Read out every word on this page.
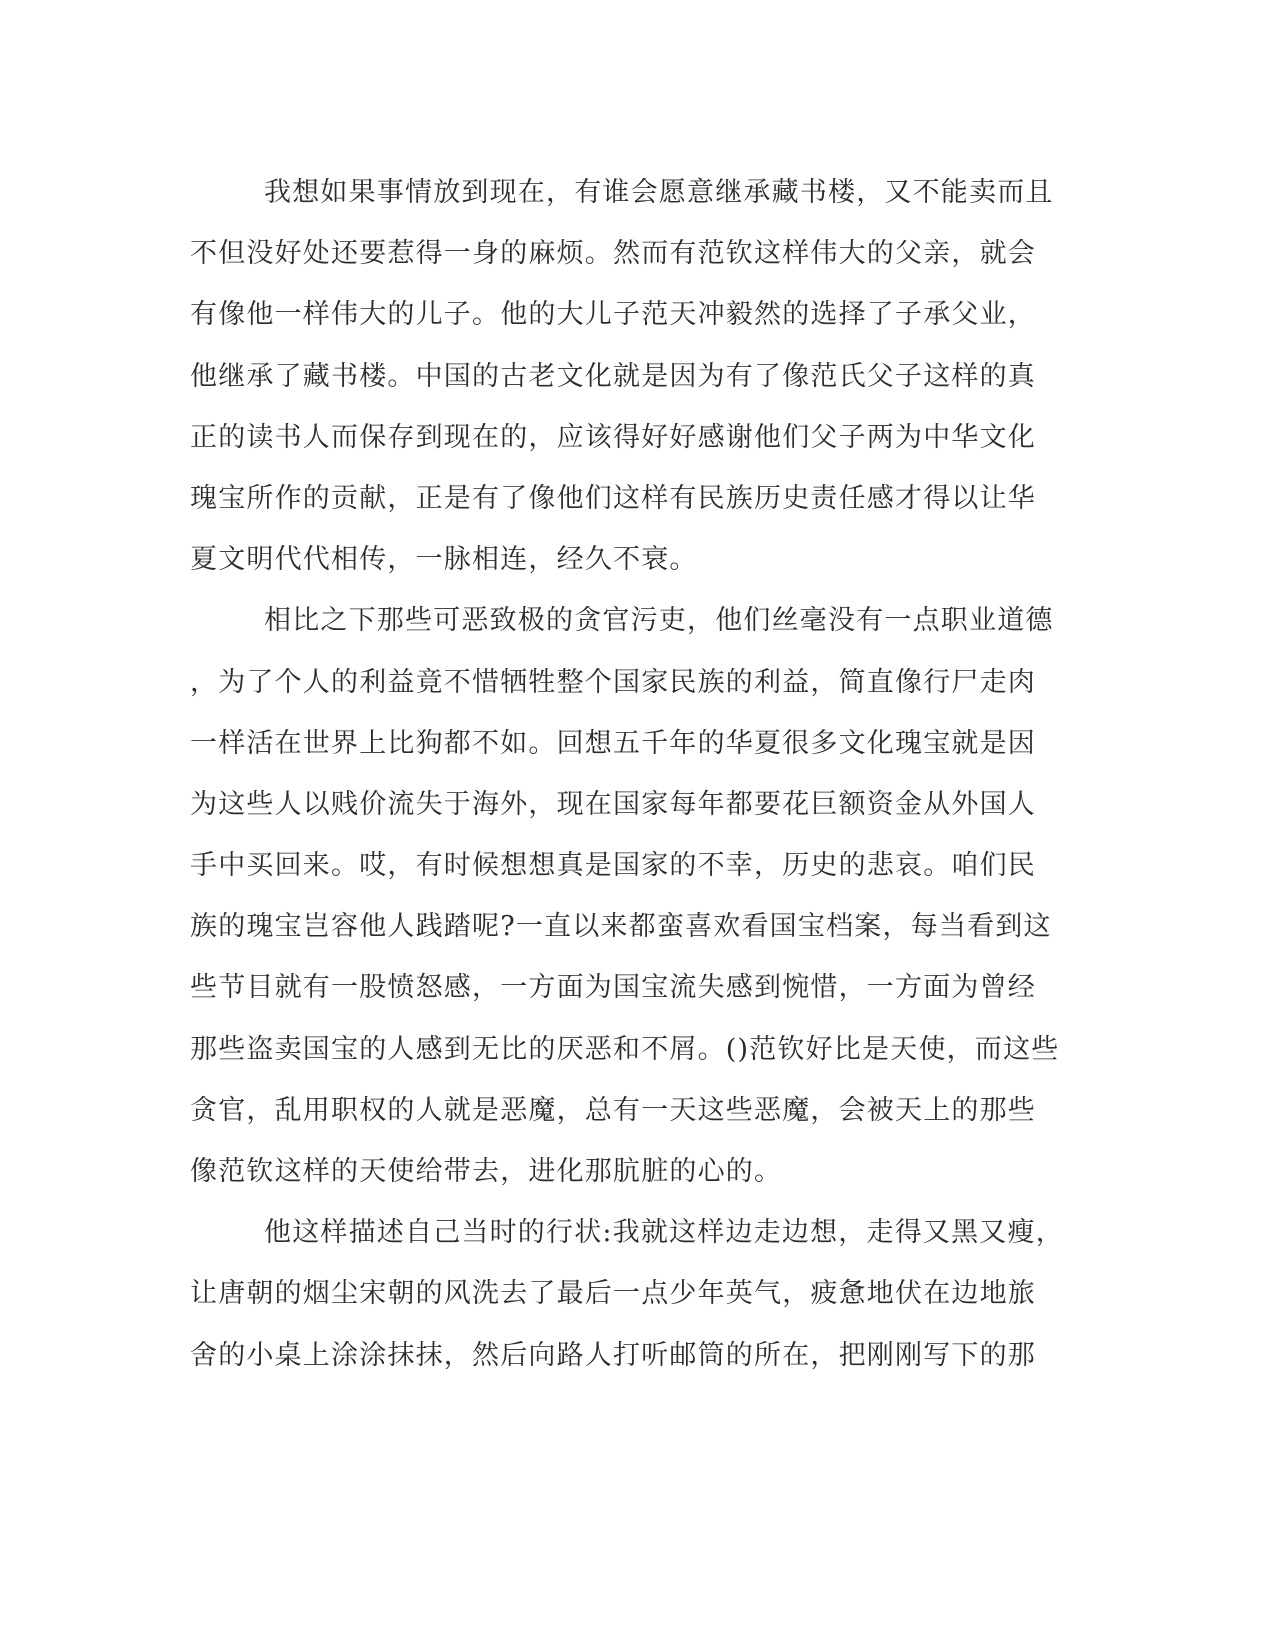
我想如果事情放到现在，有谁会愿意继承藏书楼，又不能卖而且
不但没好处还要惹得一身的麻烦。然而有范钦这样伟大的父亲，就会
有像他一样伟大的儿子。他的大儿子范天冲毅然的选择了子承父业，
他继承了藏书楼。中国的古老文化就是因为有了像范氏父子这样的真
正的读书人而保存到现在的，应该得好好感谢他们父子两为中华文化
瑰宝所作的贡献，正是有了像他们这样有民族历史责任感才得以让华
夏文明代代相传，一脉相连，经久不衰。
相比之下那些可恶致极的贪官污吏，他们丝毫没有一点职业道德
，为了个人的利益竟不惜牺牲整个国家民族的利益，简直像行尸走肉
一样活在世界上比狗都不如。回想五千年的华夏很多文化瑰宝就是因
为这些人以贱价流失于海外，现在国家每年都要花巨额资金从外国人
手中买回来。哎，有时候想想真是国家的不幸，历史的悲哀。咱们民
族的瑰宝岂容他人践踏呢?一直以来都蛮喜欢看国宝档案，每当看到这
些节目就有一股愤怒感，一方面为国宝流失感到惋惜，一方面为曾经
那些盗卖国宝的人感到无比的厌恶和不屑。()范钦好比是天使，而这些
贪官，乱用职权的人就是恶魔，总有一天这些恶魔，会被天上的那些
像范钦这样的天使给带去，进化那肮脏的心的。
他这样描述自己当时的行状:我就这样边走边想，走得又黑又瘦，
让唐朝的烟尘宋朝的风洗去了最后一点少年英气，疲惫地伏在边地旅
舍的小桌上涂涂抹抹，然后向路人打听邮筒的所在，把刚刚写下的那
